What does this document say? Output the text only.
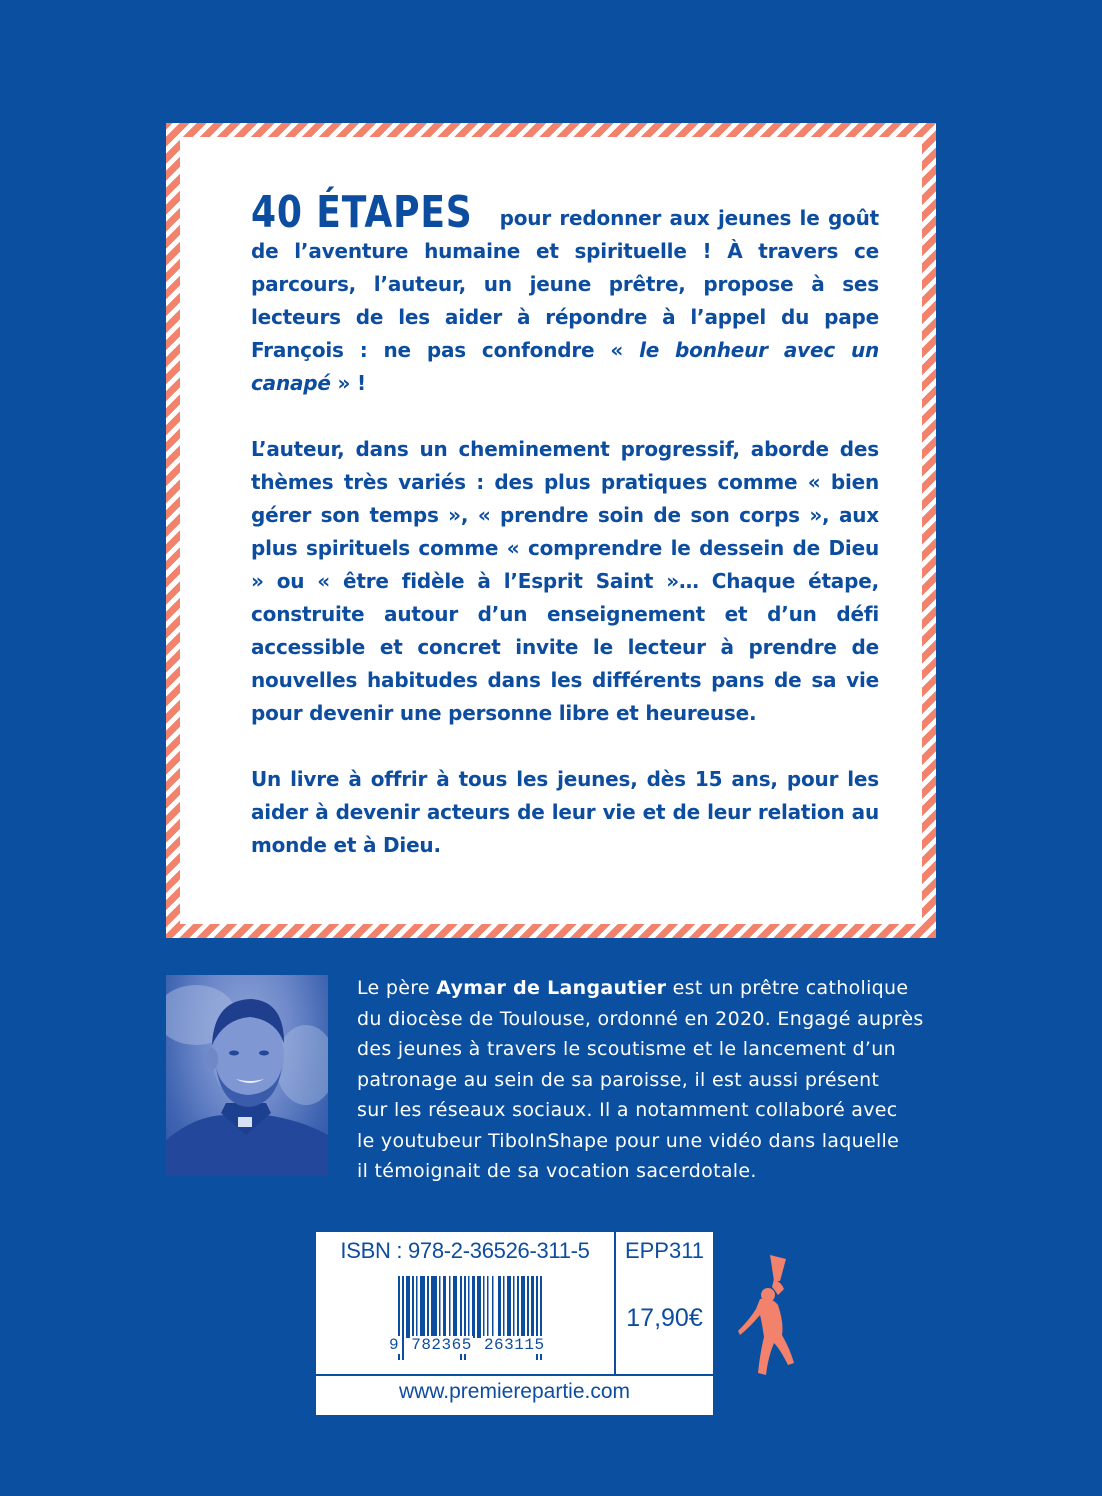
40 ÉTAPES pour redonner aux jeunes le goût de l’aventure humaine et spirituelle ! À travers ce parcours, l’auteur, un jeune prêtre, propose à ses lecteurs de les aider à répondre à l’appel du pape François : ne pas confondre « le bonheur avec un canapé » !

L’auteur, dans un cheminement progressif, aborde des thèmes très variés : des plus pratiques comme « bien gérer son temps », « prendre soin de son corps », aux plus spirituels comme « comprendre le dessein de Dieu » ou « être fidèle à l’Esprit Saint »… Chaque étape, construite autour d’un enseignement et d’un défi accessible et concret invite le lecteur à prendre de nouvelles habitudes dans les différents pans de sa vie pour devenir une personne libre et heureuse.

Un livre à offrir à tous les jeunes, dès 15 ans, pour les aider à devenir acteurs de leur vie et de leur relation au monde et à Dieu.

Le père Aymar de Langautier est un prêtre catholique
du diocèse de Toulouse, ordonné en 2020. Engagé auprès
des jeunes à travers le scoutisme et le lancement d’un
patronage au sein de sa paroisse, il est aussi présent
sur les réseaux sociaux. Il a notamment collaboré avec
le youtubeur TiboInShape pour une vidéo dans laquelle
il témoignait de sa vocation sacerdotale.
ISBN : 978-2-36526-311-5	EPP311
17,90€
9 782365 263115
www.premierepartie.com
